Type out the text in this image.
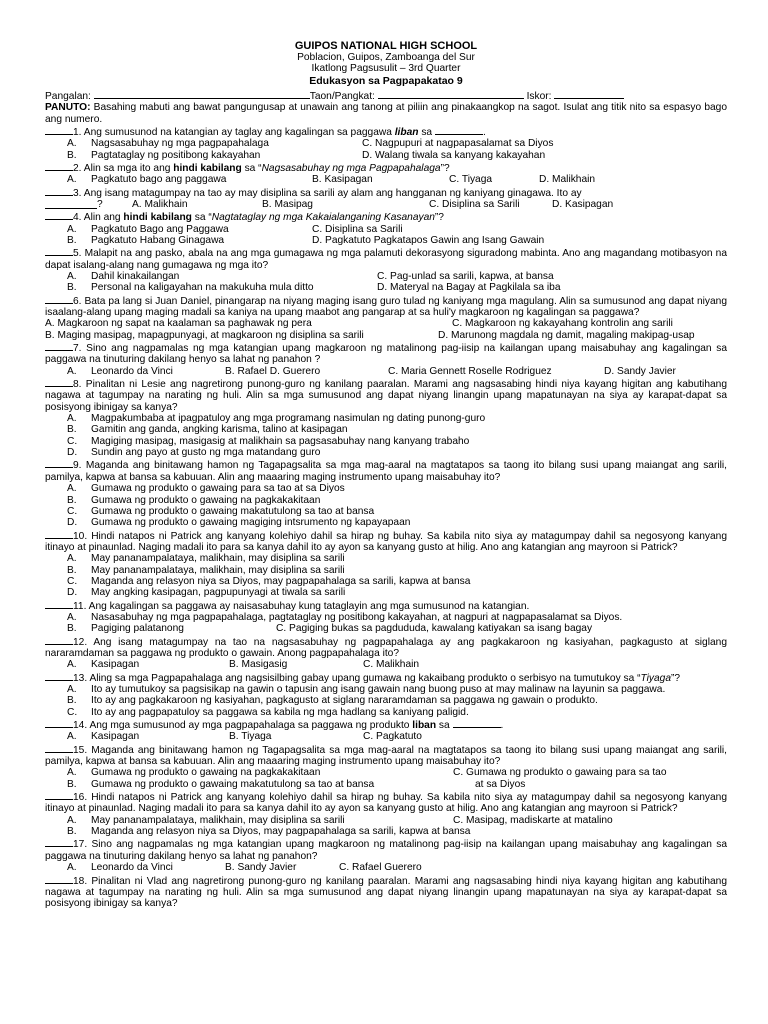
GUIPOS NATIONAL HIGH SCHOOL
Poblacion, Guipos, Zamboanga del Sur
Ikatlong Pagsusulit – 3rd Quarter
Edukasyon sa Pagpapakatao 9
Pangalan:	Taon/Pangkat:	Iskor:
PANUTO: Basahing mabuti ang bawat pangungusap at unawain ang tanong at piliin ang pinakaangkop na sagot. Isulat ang titik nito sa espasyo bago ang numero.
1. Ang sumusunod na katangian ay taglay ang kagalingan sa paggawa liban sa	.
A.	Nagsasabuhay ng mga pagpapahalaga	C. Nagpupuri at nagpapasalamat sa Diyos
B.	Pagtataglay ng positibong kakayahan	D. Walang tiwala sa kanyang kakayahan
2. Alin sa mga ito ang hindi kabilang sa “Nagsasabuhay ng mga Pagpapahalaga”?
A.	Pagkatuto bago ang paggawa	B. Kasipagan	C. Tiyaga	D. Malikhain
3. Ang isang matagumpay na tao ay may disiplina sa sarili ay alam ang hangganan ng kaniyang ginagawa. Ito ay
?	A. Malikhain	B. Masipag	C. Disiplina sa Sarili	D. Kasipagan
4. Alin ang hindi kabilang sa “Nagtataglay ng mga Kakaialanganing Kasanayan”?
A.	Pagkatuto Bago ang Paggawa	C. Disiplina sa Sarili
B.	Pagkatuto Habang Ginagawa	D. Pagkatuto Pagkatapos Gawin ang Isang Gawain
5. Malapit na ang pasko, abala na ang mga gumagawa ng mga palamuti dekorasyong siguradong mabinta. Ano ang magandang motibasyon na dapat isalang-alang nang gumagawa ng mga ito?
A.	Dahil kinakailangan	C. Pag-unlad sa sarili, kapwa, at bansa
B.	Personal na kaligayahan na makukuha mula ditto	D. Materyal na Bagay at Pagkilala sa iba
6. Bata pa lang si Juan Daniel, pinangarap na niyang maging isang guro tulad ng kaniyang mga magulang. Alin sa sumusunod ang dapat niyang isaalang-alang upang maging madali sa kaniya na upang maabot ang pangarap at sa huli'y magkaroon ng kagalingan sa paggawa?
A. Magkaroon ng sapat na kaalaman sa paghawak ng pera	C. Magkaroon ng kakayahang kontrolin ang sarili
B. Maging masipag, mapagpunyagi, at magkaroon ng disiplina sa sarili	D. Marunong magdala ng damit, magaling makipag-usap
7. Sino ang nagpamalas ng mga katangian upang magkaroon ng matalinong pag-iisip na kailangan upang maisabuhay ang kagalingan sa paggawa na tinuturing dakilang henyo sa lahat ng panahon ?
A.	Leonardo da Vinci	B. Rafael D. Guerero	C. Maria Gennett Roselle Rodriguez	D. Sandy Javier
8. Pinalitan ni Lesie ang nagretirong punong-guro ng kanilang paaralan. Marami ang nagsasabing hindi niya kayang higitan ang kabutihang nagawa at tagumpay na narating ng huli. Alin sa mga sumusunod ang dapat niyang linangin upang mapatunayan na siya ay karapat-dapat sa posisyong ibinigay sa kanya?
A.	Magpakumbaba at ipagpatuloy ang mga programang nasimulan ng dating punong-guro
B.	Gamitin ang ganda, angking karisma, talino at kasipagan
C.	Magiging masipag, masigasig at malikhain sa pagsasabuhay nang kanyang trabaho
D.	Sundin ang payo at gusto ng mga matandang guro
9. Maganda ang binitawang hamon ng Tagapagsalita sa mga mag-aaral na magtatapos sa taong ito bilang susi upang maiangat ang sarili, pamilya, kapwa at bansa sa kabuuan. Alin ang maaaring maging instrumento upang maisabuhay ito?
A.	Gumawa ng produkto o gawaing para sa tao at sa Diyos
B.	Gumawa ng produkto o gawaing na pagkakakitaan
C.	Gumawa ng produkto o gawaing makatutulong sa tao at bansa
D.	Gumawa ng produkto o gawaing magiging intsrumento ng kapayapaan
10. Hindi natapos ni Patrick ang kanyang kolehiyo dahil sa hirap ng buhay. Sa kabila nito siya ay matagumpay dahil sa negosyong kanyang itinayo at pinaunlad. Naging madali ito para sa kanya dahil ito ay ayon sa kanyang gusto at hilig. Ano ang katangian ang mayroon si Patrick?
A.	May pananampalataya, malikhain, may disiplina sa sarili
B.	May pananampalataya, malikhain, may disiplina sa sarili
C.	Maganda ang relasyon niya sa Diyos, may pagpapahalaga sa sarili, kapwa at bansa
D.	May angking kasipagan, pagpupunyagi at tiwala sa sarili
11. Ang kagalingan sa paggawa ay naisasabuhay kung tataglayin ang mga sumusunod na katangian.
A.	Nasasabuhay ng mga pagpapahalaga, pagtataglay ng positibong kakayahan, at nagpuri at nagpapasalamat sa Diyos.
B.	Pagiging palatanong	C. Pagiging bukas sa pagdududa, kawalang katiyakan sa isang bagay
12. Ang isang matagumpay na tao na nagsasabuhay ng pagpapahalaga ay ang pagkakaroon ng kasiyahan, pagkagusto at siglang nararamdaman sa paggawa ng produkto o gawain. Anong pagpapahalaga ito?
A.	Kasipagan	B. Masigasig	C. Malikhain
13. Aling sa mga Pagpapahalaga ang nagsisilbing gabay upang gumawa ng kakaibang produkto o serbisyo na tumutukoy sa “Tiyaga”?
A.	Ito ay tumutukoy sa pagsisikap na gawin o tapusin ang isang gawain nang buong puso at may malinaw na layunin sa paggawa.
B.	Ito ay ang pagkakaroon ng kasiyahan, pagkagusto at siglang nararamdaman sa paggawa ng gawain o produkto.
C.	Ito ay ang pagpapatuloy sa paggawa sa kabila ng mga hadlang sa kaniyang paligid.
14. Ang mga sumusunod ay mga pagpapahalaga sa paggawa ng produkto liban sa	.
A.	Kasipagan	B. Tiyaga	C. Pagkatuto
15. Maganda ang binitawang hamon ng Tagapagsalita sa mga mag-aaral na magtatapos sa taong ito bilang susi upang maiangat ang sarili, pamilya, kapwa at bansa sa kabuuan. Alin ang maaaring maging instrumento upang maisabuhay ito?
A.	Gumawa ng produkto o gawaing na pagkakakitaan	C. Gumawa ng produkto o gawaing para sa tao
B.	Gumawa ng produkto o gawaing makatutulong sa tao at bansa	at sa Diyos
16. Hindi natapos ni Patrick ang kanyang kolehiyo dahil sa hirap ng buhay. Sa kabila nito siya ay matagumpay dahil sa negosyong kanyang itinayo at pinaunlad. Naging madali ito para sa kanya dahil ito ay ayon sa kanyang gusto at hilig. Ano ang katangian ang mayroon si Patrick?
A.	May pananampalataya, malikhain, may disiplina sa sarili	C. Masipag, madiskarte at matalino
B.	Maganda ang relasyon niya sa Diyos, may pagpapahalaga sa sarili, kapwa at bansa
17. Sino ang nagpamalas ng mga katangian upang magkaroon ng matalinong pag-iisip na kailangan upang maisabuhay ang kagalingan sa paggawa na tinuturing dakilang henyo sa lahat ng panahon?
A.	Leonardo da Vinci	B. Sandy Javier	C. Rafael Guerero
18. Pinalitan ni Vlad ang nagretirong punong-guro ng kanilang paaralan. Marami ang nagsasabing hindi niya kayang higitan ang kabutihang nagawa at tagumpay na narating ng huli. Alin sa mga sumusunod ang dapat niyang linangin upang mapatunayan na siya ay karapat-dapat sa posisyong ibinigay sa kanya?
